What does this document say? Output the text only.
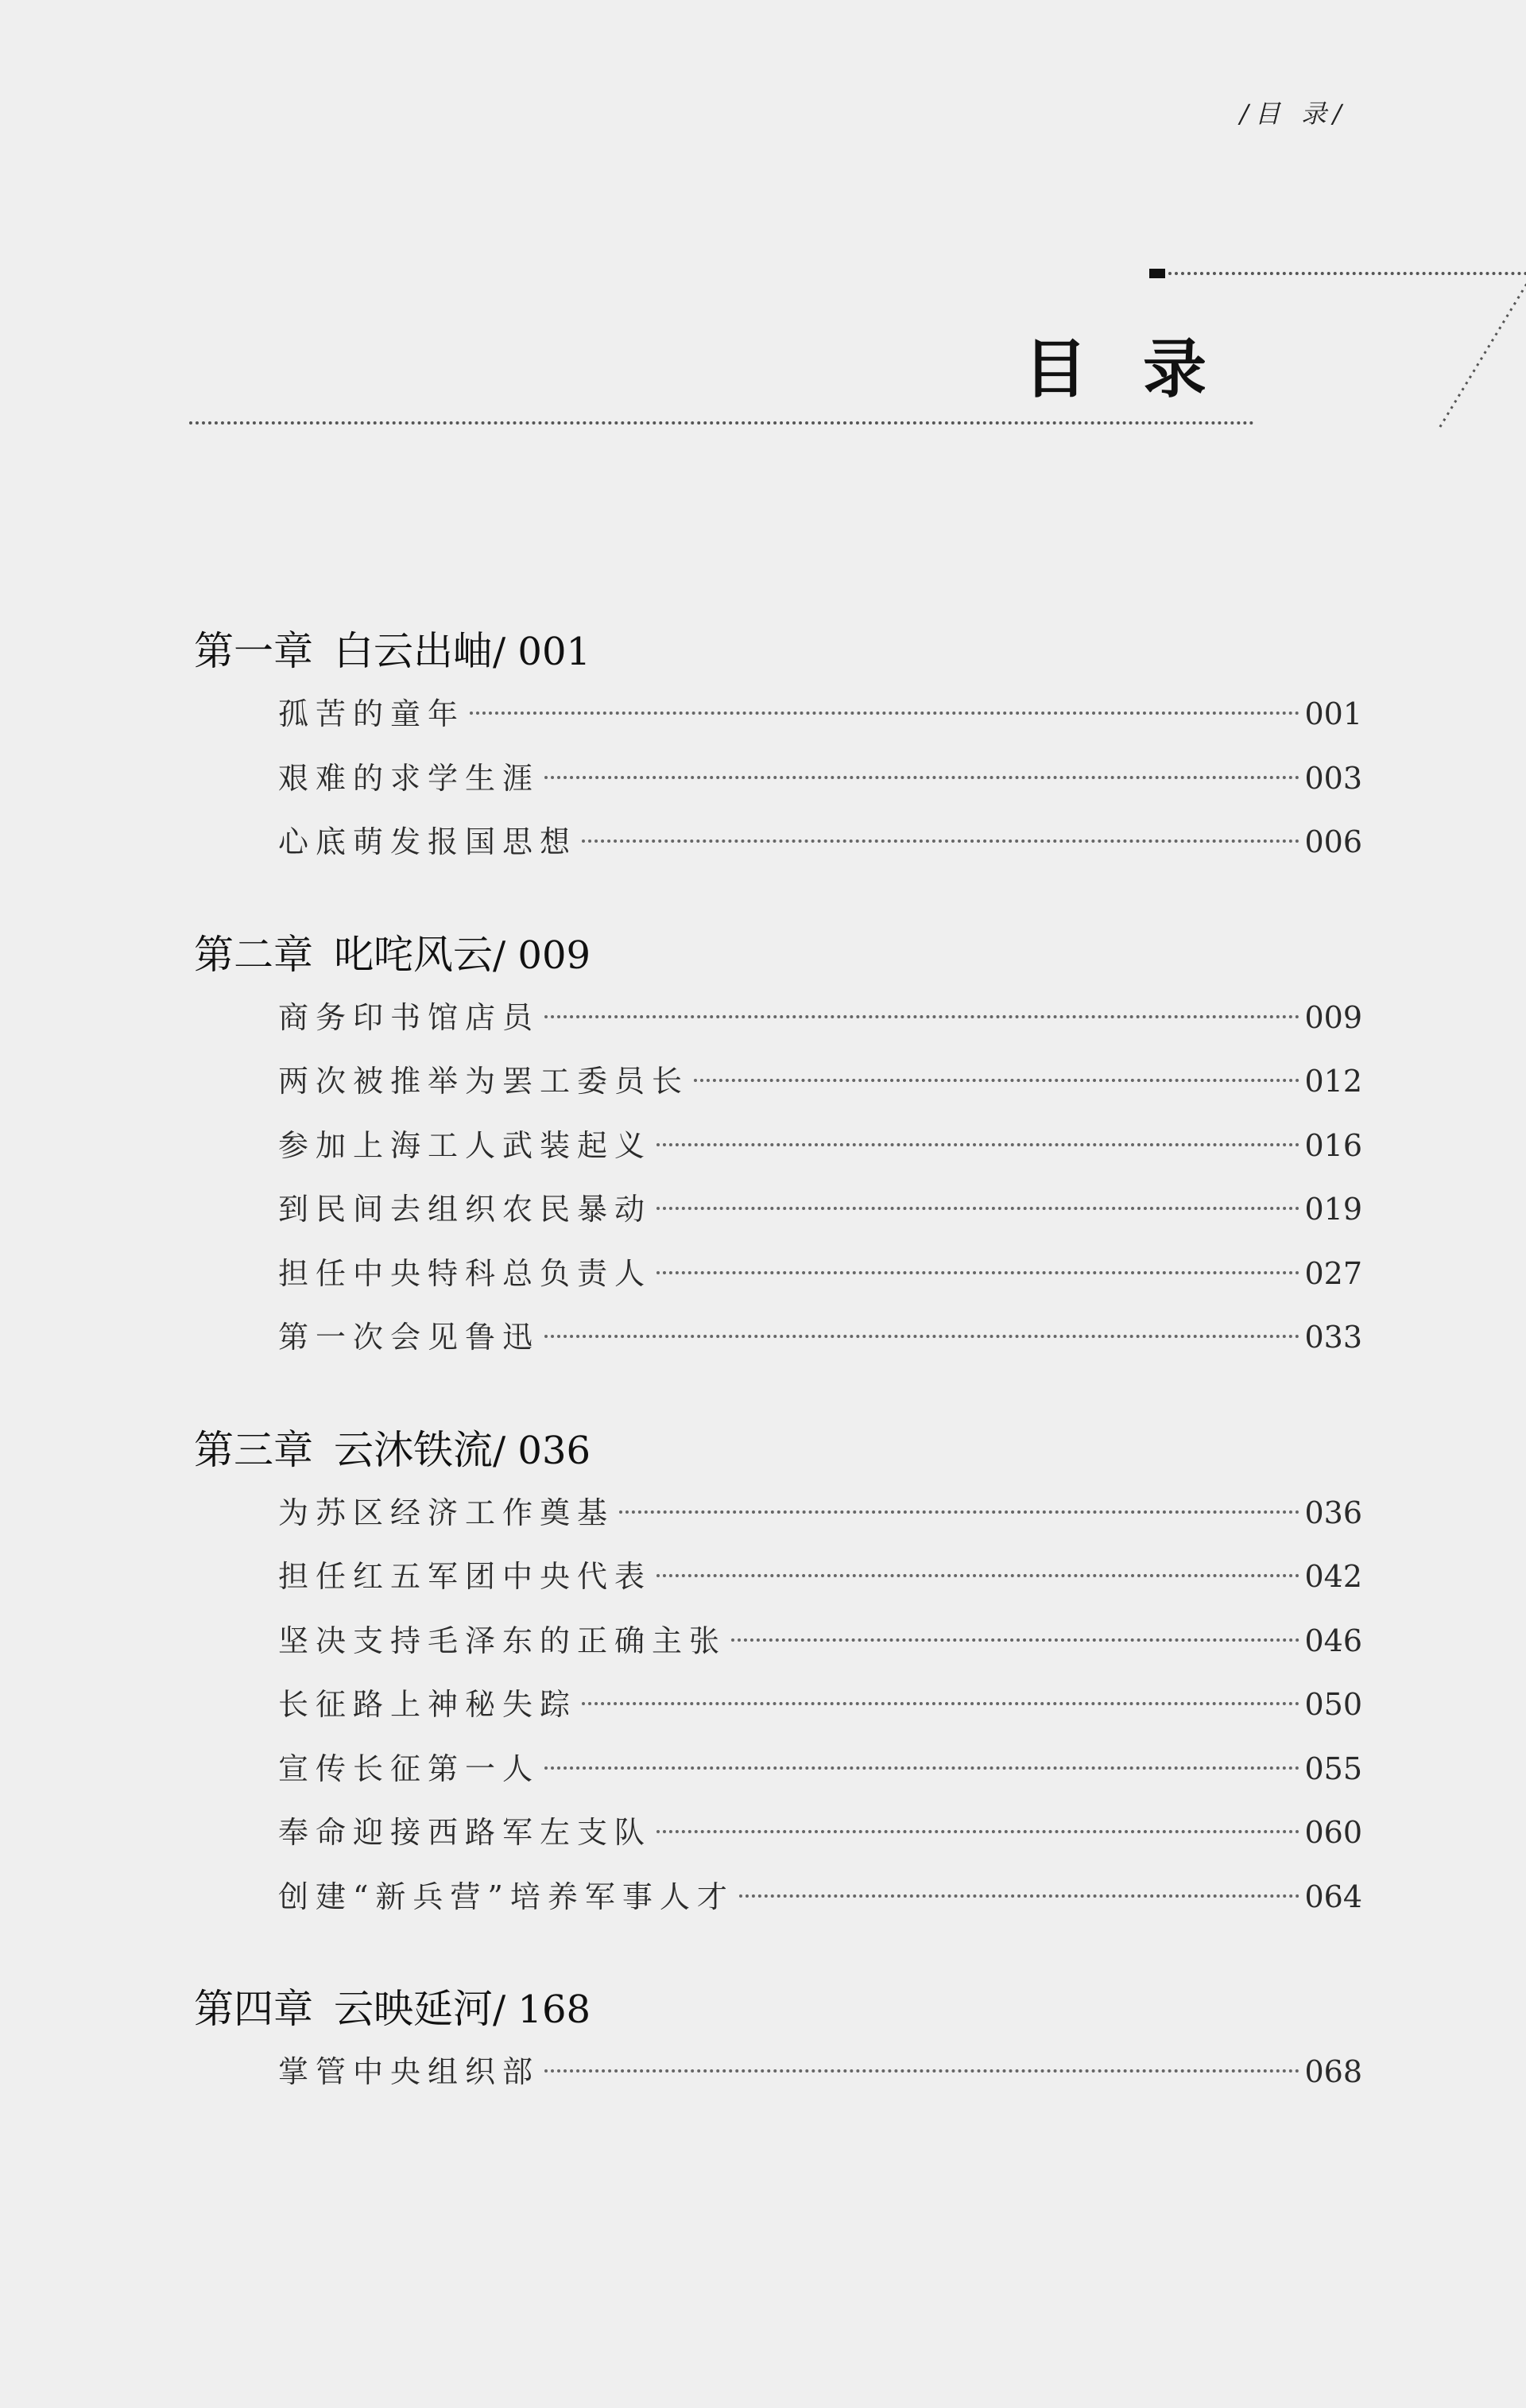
/目 录/
目录
第一章 白云出岫/ 001
孤苦的童年	001
艰难的求学生涯	003
心底萌发报国思想	006
第二章 叱咤风云/ 009
商务印书馆店员	009
两次被推举为罢工委员长	012
参加上海工人武装起义	016
到民间去组织农民暴动	019
担任中央特科总负责人	027
第一次会见鲁迅	033
第三章 云沐铁流/ 036
为苏区经济工作奠基	036
担任红五军团中央代表	042
坚决支持毛泽东的正确主张	046
长征路上神秘失踪	050
宣传长征第一人	055
奉命迎接西路军左支队	060
创建“新兵营”培养军事人才	064
第四章 云映延河/ 168
掌管中央组织部	068
